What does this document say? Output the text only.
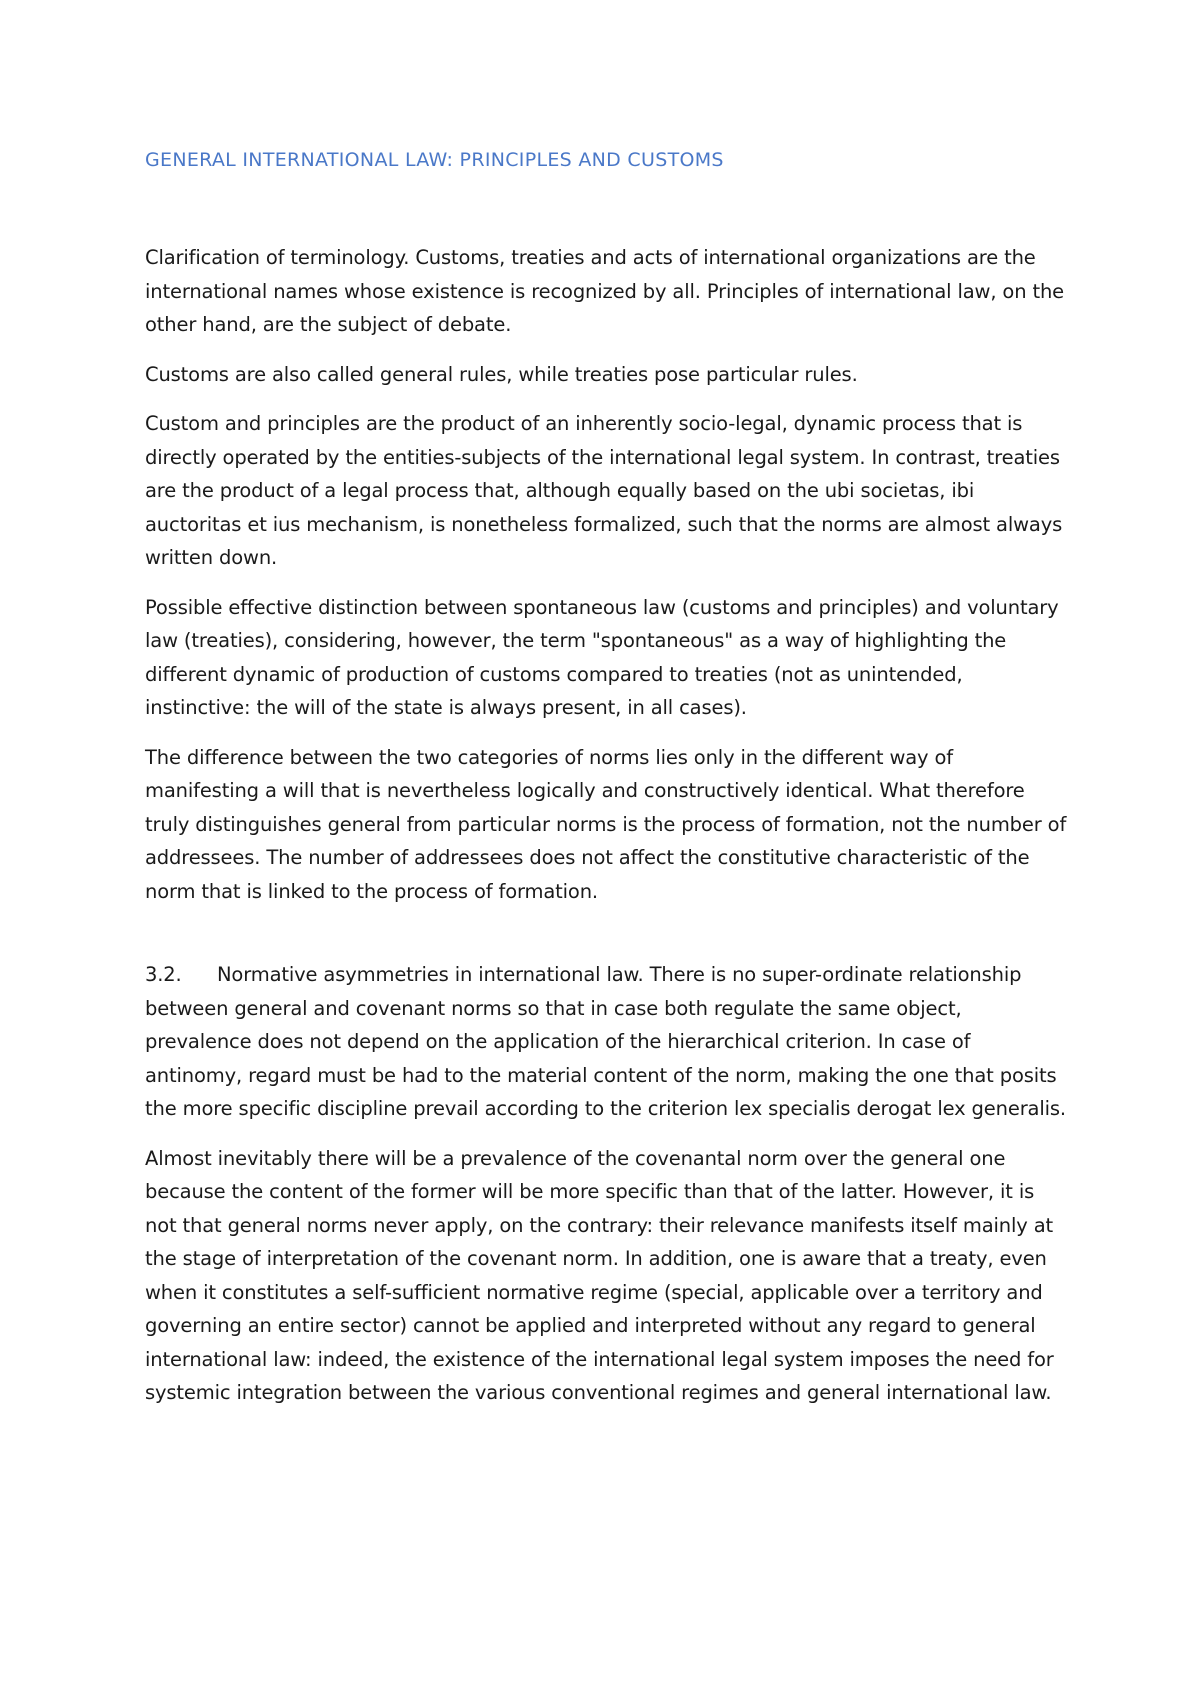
GENERAL INTERNATIONAL LAW: PRINCIPLES AND CUSTOMS

Clarification of terminology. Customs, treaties and acts of international organizations are the international names whose existence is recognized by all. Principles of international law, on the other hand, are the subject of debate.

Customs are also called general rules, while treaties pose particular rules.

Custom and principles are the product of an inherently socio-legal, dynamic process that is directly operated by the entities-subjects of the international legal system. In contrast, treaties are the product of a legal process that, although equally based on the ubi societas, ibi auctoritas et ius mechanism, is nonetheless formalized, such that the norms are almost always written down.

Possible effective distinction between spontaneous law (customs and principles) and voluntary law (treaties), considering, however, the term "spontaneous" as a way of highlighting the different dynamic of production of customs compared to treaties (not as unintended, instinctive: the will of the state is always present, in all cases).

The difference between the two categories of norms lies only in the different way of manifesting a will that is nevertheless logically and constructively identical. What therefore truly distinguishes general from particular norms is the process of formation, not the number of addressees. The number of addressees does not affect the constitutive characteristic of the norm that is linked to the process of formation.

3.2. Normative asymmetries in international law. There is no super-ordinate relationship between general and covenant norms so that in case both regulate the same object, prevalence does not depend on the application of the hierarchical criterion. In case of antinomy, regard must be had to the material content of the norm, making the one that posits the more specific discipline prevail according to the criterion lex specialis derogat lex generalis.

Almost inevitably there will be a prevalence of the covenantal norm over the general one because the content of the former will be more specific than that of the latter. However, it is not that general norms never apply, on the contrary: their relevance manifests itself mainly at the stage of interpretation of the covenant norm. In addition, one is aware that a treaty, even when it constitutes a self-sufficient normative regime (special, applicable over a territory and governing an entire sector) cannot be applied and interpreted without any regard to general international law: indeed, the existence of the international legal system imposes the need for systemic integration between the various conventional regimes and general international law.
